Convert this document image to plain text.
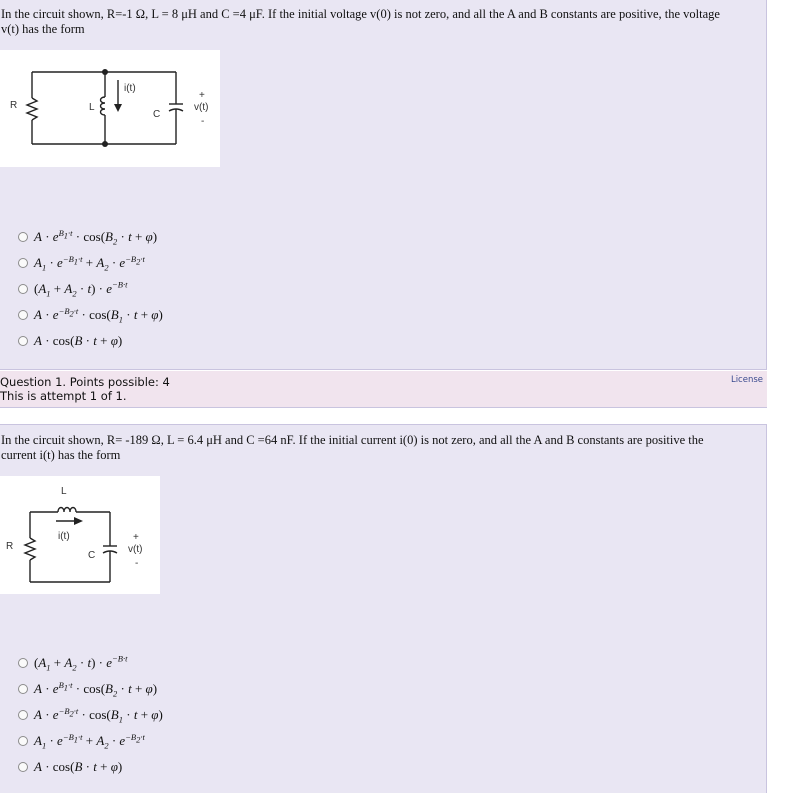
In the circuit shown, R=-1 Ω, L = 8 μH and C =4 μF. If the initial voltage v(0) is not zero, and all the A and B constants are positive, the voltage
v(t) has the form

R	L
C
i(t)
+
v(t)
-
$A \cdot e^{B_1\cdot t} \cdot \cos(B_2 \cdot t + \varphi)$
$A_1 \cdot e^{-B_1\cdot t} + A_2 \cdot e^{-B_2\cdot t}$
$(A_1 + A_2 \cdot t) \cdot e^{-B\cdot t}$
$A \cdot e^{-B_2\cdot t} \cdot \cos(B_1 \cdot t + \varphi)$
A · cos(B · t + φ)
Question 1. Points possible: 4
This is attempt 1 of 1.
License

In the circuit shown, R= -189 Ω, L = 6.4 μH and C =64 nF. If the initial current i(0) is not zero, and all the A and B constants are positive the
current i(t) has the form

L
R
i(t)
C
+
v(t)
-
$(A_1 + A_2 \cdot t) \cdot e^{-B\cdot t}$
$A \cdot e^{B_1\cdot t} \cdot \cos(B_2 \cdot t + \varphi)$
$A \cdot e^{-B_2\cdot t} \cdot \cos(B_1 \cdot t + \varphi)$
$A_1 \cdot e^{-B_1\cdot t} + A_2 \cdot e^{-B_2\cdot t}$
A · cos(B · t + φ)
